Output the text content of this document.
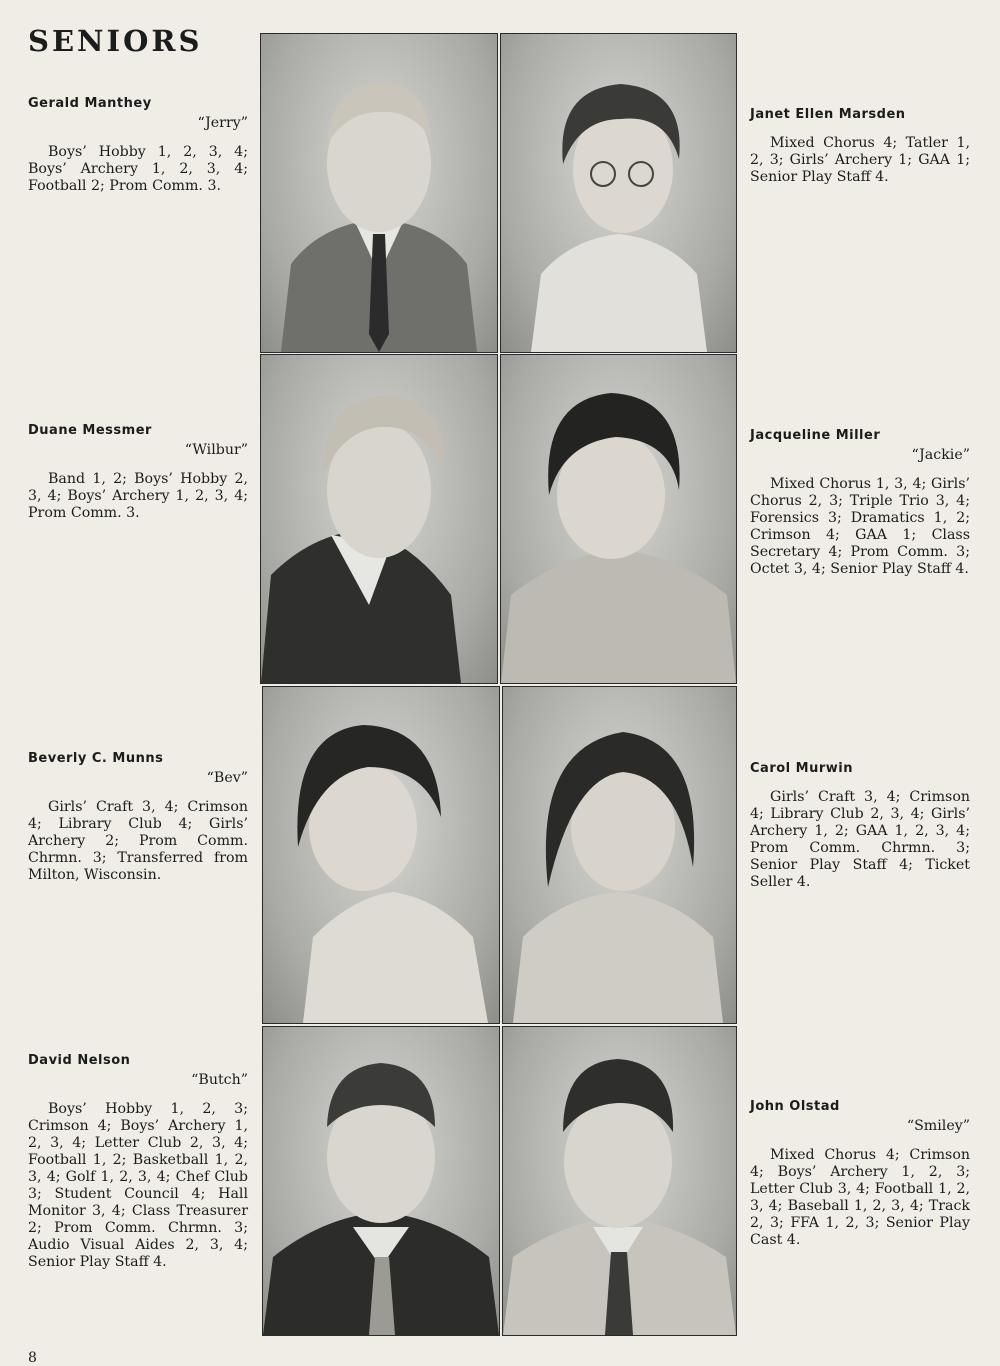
SENIORS
Gerald Manthey
“Jerry”
Boys’ Hobby 1, 2, 3, 4; Boys’ Archery 1, 2, 3, 4; Football 2; Prom Comm. 3.
Janet Ellen Marsden
Mixed Chorus 4; Tatler 1, 2, 3; Girls’ Archery 1; GAA 1; Senior Play Staff 4.
Duane Messmer
“Wilbur”
Band 1, 2; Boys’ Hobby 2, 3, 4; Boys’ Archery 1, 2, 3, 4; Prom Comm. 3.
Jacqueline Miller
“Jackie”
Mixed Chorus 1, 3, 4; Girls’ Chorus 2, 3; Triple Trio 3, 4; Forensics 3; Dramatics 1, 2; Crimson 4; GAA 1; Class Secretary 4; Prom Comm. 3; Octet 3, 4; Senior Play Staff 4.
Beverly C. Munns
“Bev”
Girls’ Craft 3, 4; Crimson 4; Library Club 4; Girls’ Archery 2; Prom Comm. Chrmn. 3; Transferred from Milton, Wisconsin.
Carol Murwin
Girls’ Craft 3, 4; Crimson 4; Library Club 2, 3, 4; Girls’ Archery 1, 2; GAA 1, 2, 3, 4; Prom Comm. Chrmn. 3; Senior Play Staff 4; Ticket Seller 4.
David Nelson
“Butch”
Boys’ Hobby 1, 2, 3; Crimson 4; Boys’ Archery 1, 2, 3, 4; Letter Club 2, 3, 4; Football 1, 2; Basketball 1, 2, 3, 4; Golf 1, 2, 3, 4; Chef Club 3; Student Council 4; Hall Monitor 3, 4; Class Treasurer 2; Prom Comm. Chrmn. 3; Audio Visual Aides 2, 3, 4; Senior Play Staff 4.
John Olstad
“Smiley”
Mixed Chorus 4; Crimson 4; Boys’ Archery 1, 2, 3; Letter Club 3, 4; Football 1, 2, 3, 4; Baseball 1, 2, 3, 4; Track 2, 3; FFA 1, 2, 3; Senior Play Cast 4.
8
